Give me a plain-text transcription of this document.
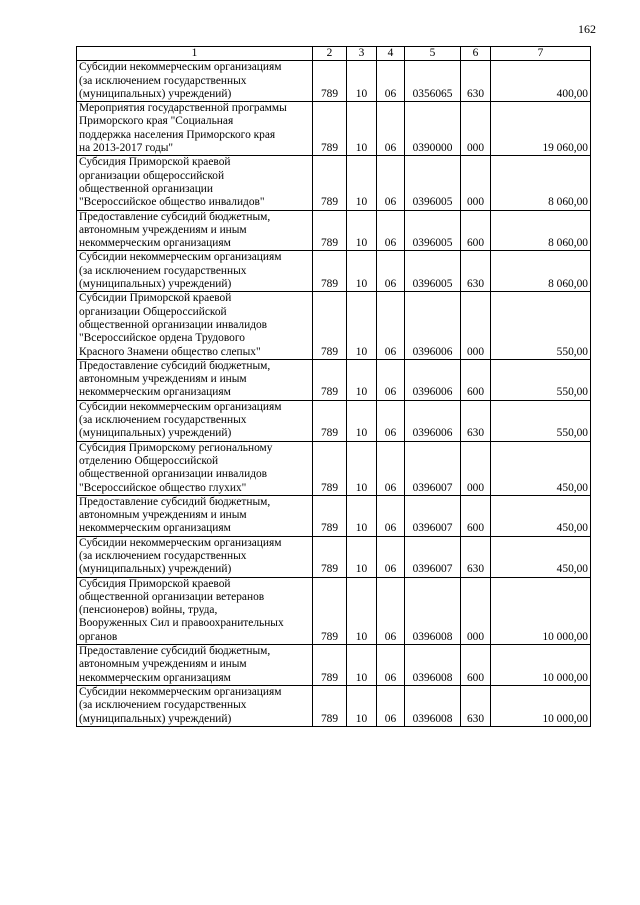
162
1	2	3	4	5	6	7
Субсидии некоммерческим организациям
(за исключением государственных
(муниципальных) учреждений)	789	10	06	0356065	630	400,00
Мероприятия государственной программы
Приморского края "Социальная
поддержка населения Приморского края
на 2013-2017 годы"	789	10	06	0390000	000	19 060,00
Субсидия Приморской краевой
организации общероссийской
общественной организации
"Всероссийское общество инвалидов"	789	10	06	0396005	000	8 060,00
Предоставление субсидий бюджетным,
автономным учреждениям и иным
некоммерческим организациям	789	10	06	0396005	600	8 060,00
Субсидии некоммерческим организациям
(за исключением государственных
(муниципальных) учреждений)	789	10	06	0396005	630	8 060,00
Субсидии Приморской краевой
организации Общероссийской
общественной организации инвалидов
"Всероссийское ордена Трудового
Красного Знамени общество слепых"	789	10	06	0396006	000	550,00
Предоставление субсидий бюджетным,
автономным учреждениям и иным
некоммерческим организациям	789	10	06	0396006	600	550,00
Субсидии некоммерческим организациям
(за исключением государственных
(муниципальных) учреждений)	789	10	06	0396006	630	550,00
Субсидия Приморскому региональному
отделению Общероссийской
общественной организации инвалидов
"Всероссийское общество глухих"	789	10	06	0396007	000	450,00
Предоставление субсидий бюджетным,
автономным учреждениям и иным
некоммерческим организациям	789	10	06	0396007	600	450,00
Субсидии некоммерческим организациям
(за исключением государственных
(муниципальных) учреждений)	789	10	06	0396007	630	450,00
Субсидия Приморской краевой
общественной организации ветеранов
(пенсионеров) войны, труда,
Вооруженных Сил и правоохранительных
органов	789	10	06	0396008	000	10 000,00
Предоставление субсидий бюджетным,
автономным учреждениям и иным
некоммерческим организациям	789	10	06	0396008	600	10 000,00
Субсидии некоммерческим организациям
(за исключением государственных
(муниципальных) учреждений)	789	10	06	0396008	630	10 000,00
